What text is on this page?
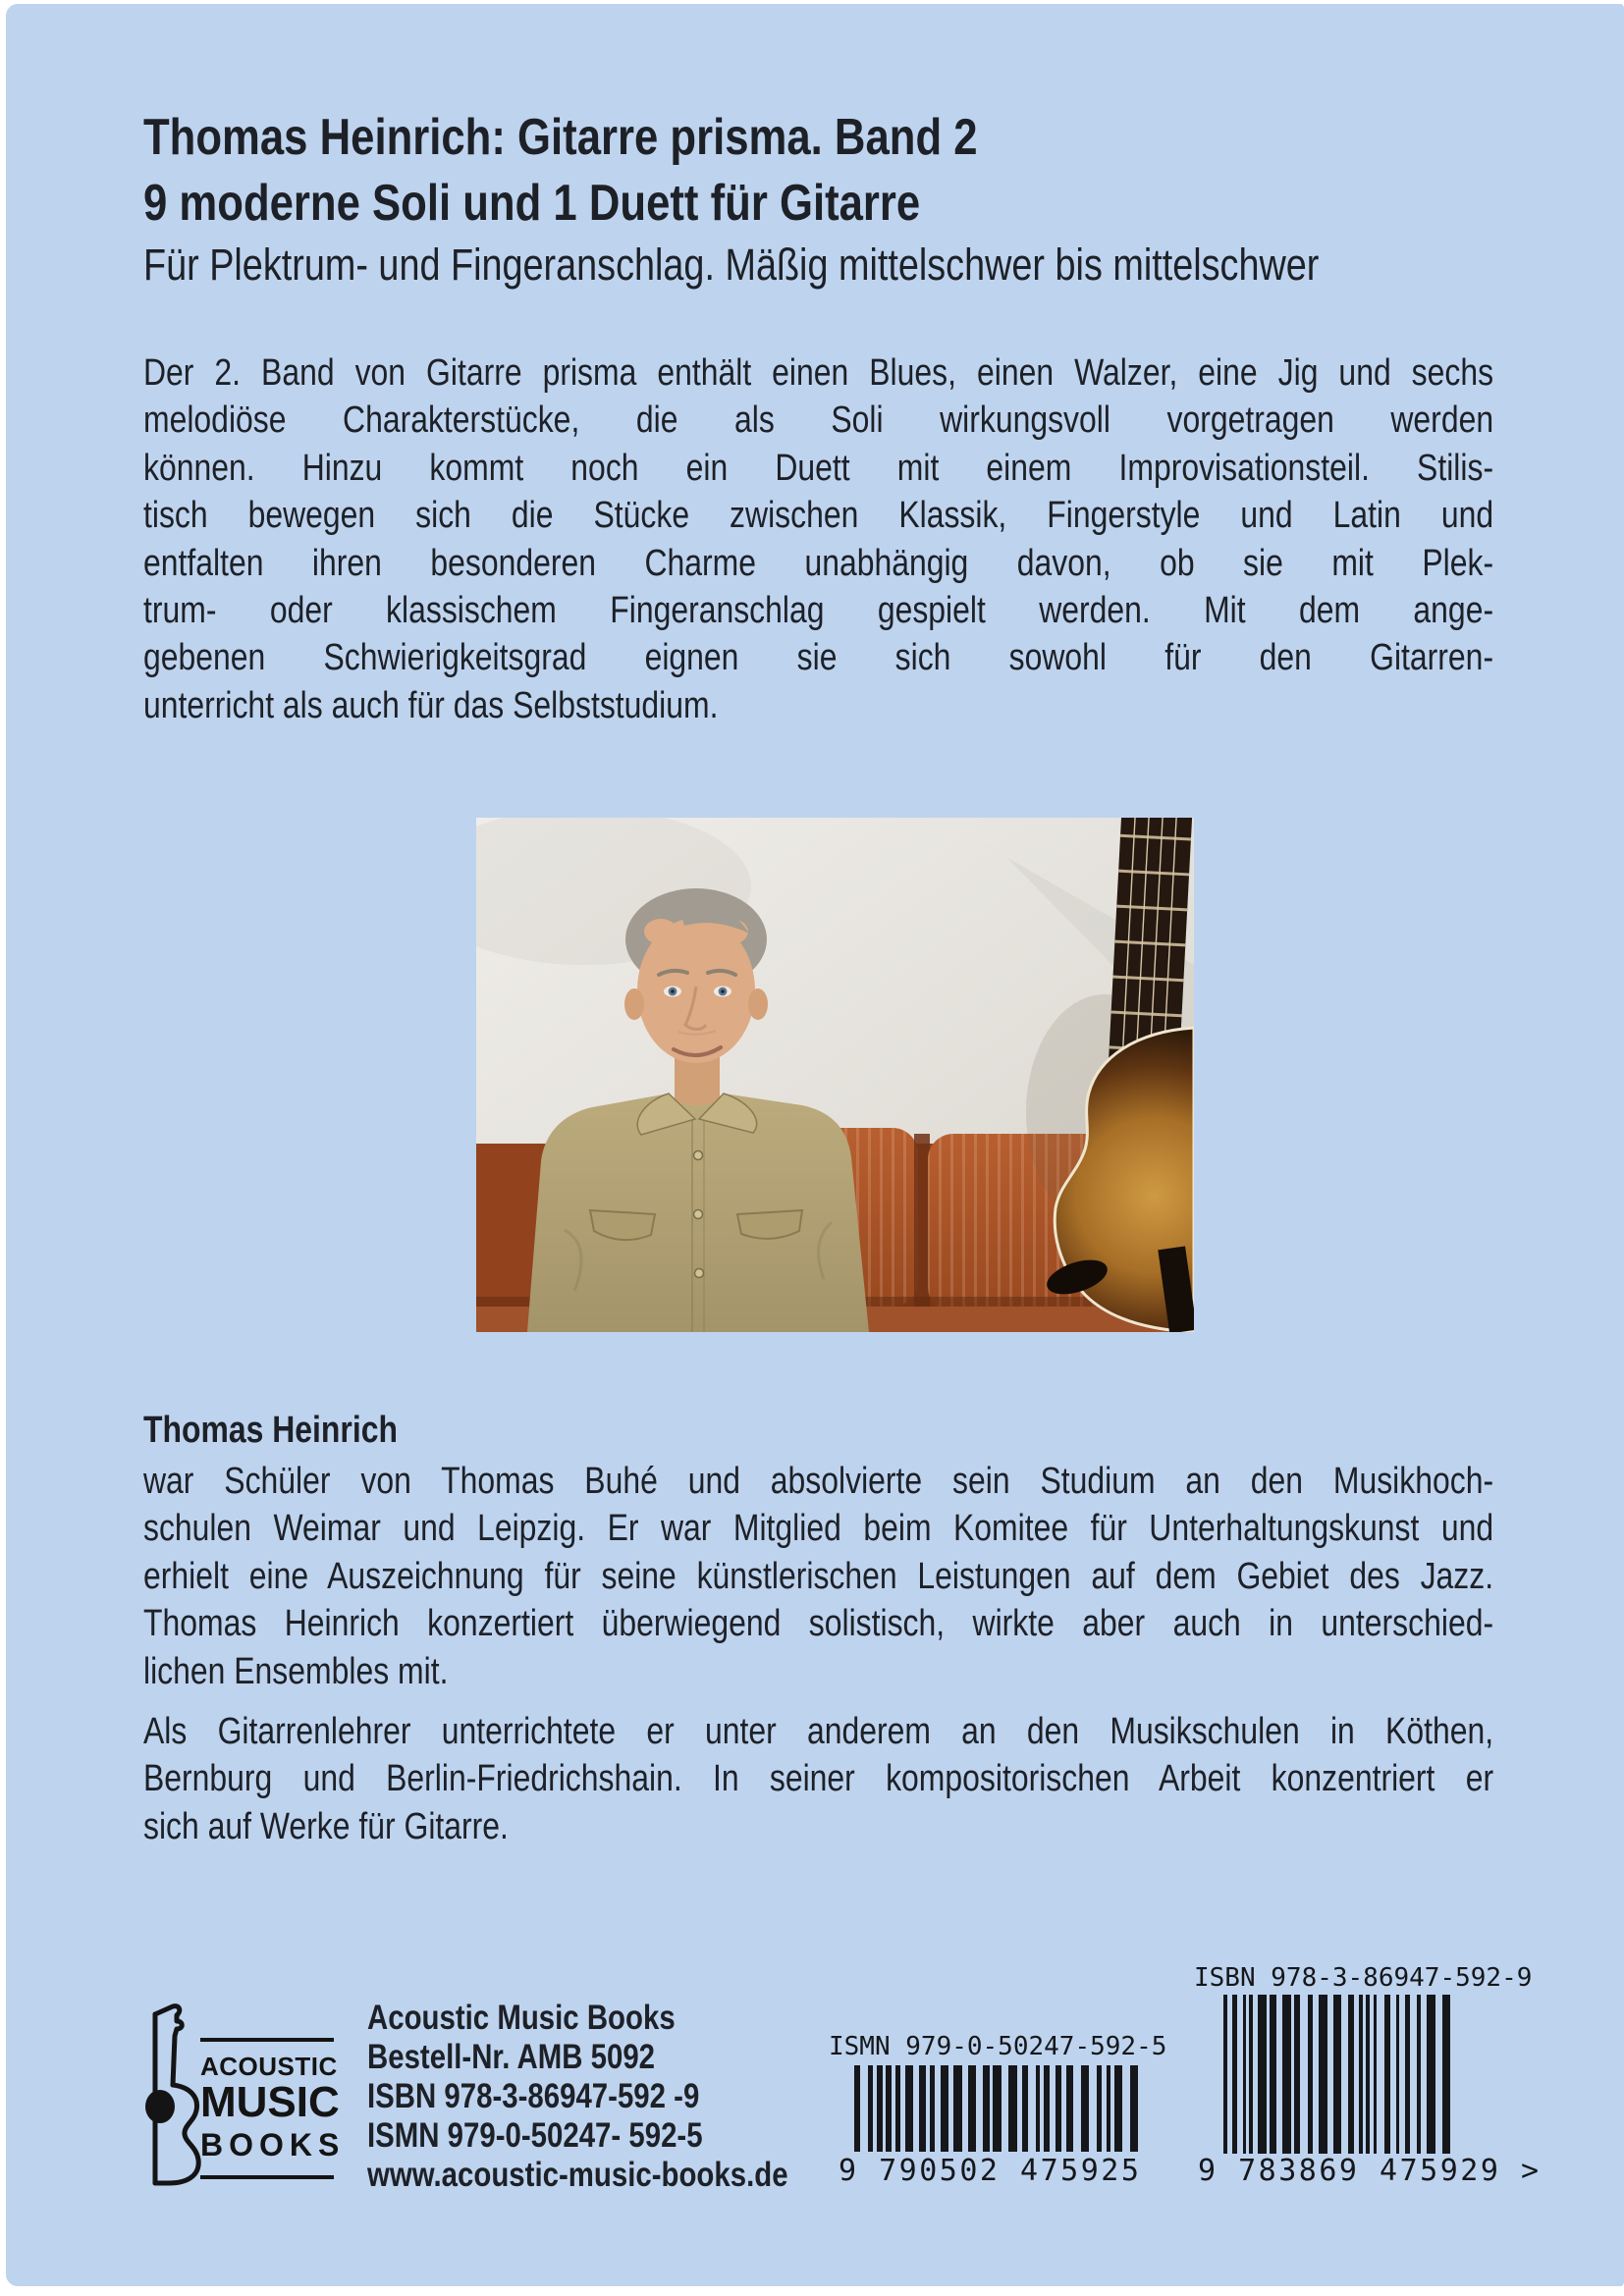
Thomas Heinrich: Gitarre prisma. Band 2
9 moderne Soli und 1 Duett für Gitarre
Für Plektrum- und Fingeranschlag. Mäßig mittelschwer bis mittelschwer
Der 2. Band von Gitarre prisma enthält einen Blues, einen Walzer, eine Jig und sechs
melodiöse Charakterstücke, die als Soli wirkungsvoll vorgetragen werden
können. Hinzu kommt noch ein Duett mit einem Improvisationsteil. Stilis-
tisch bewegen sich die Stücke zwischen Klassik, Fingerstyle und Latin und
entfalten ihren besonderen Charme unabhängig davon, ob sie mit Plek-
trum- oder klassischem Fingeranschlag gespielt werden. Mit dem ange-
gebenen Schwierigkeitsgrad eignen sie sich sowohl für den Gitarren-
unterricht als auch für das Selbststudium.
Thomas Heinrich
war Schüler von Thomas Buhé und absolvierte sein Studium an den Musikhoch-
schulen Weimar und Leipzig. Er war Mitglied beim Komitee für Unterhaltungskunst und
erhielt eine Auszeichnung für seine künstlerischen Leistungen auf dem Gebiet des Jazz.
Thomas Heinrich konzertiert überwiegend solistisch, wirkte aber auch in unterschied-
lichen Ensembles mit.
Als Gitarrenlehrer unterrichtete er unter anderem an den Musikschulen in Köthen,
Bernburg und Berlin-Friedrichshain. In seiner kompositorischen Arbeit konzentriert er
sich auf Werke für Gitarre.
ACOUSTIC
MUSIC
BOOKS
Acoustic Music Books
Bestell-Nr. AMB 5092
ISBN 978-3-86947-592 -9
ISMN 979-0-50247- 592-5
www.acoustic-music-books.de
ISMN 979-0-50247-592-5
9 790502 475925
ISBN 978-3-86947-592-9
9 783869 475929 >
